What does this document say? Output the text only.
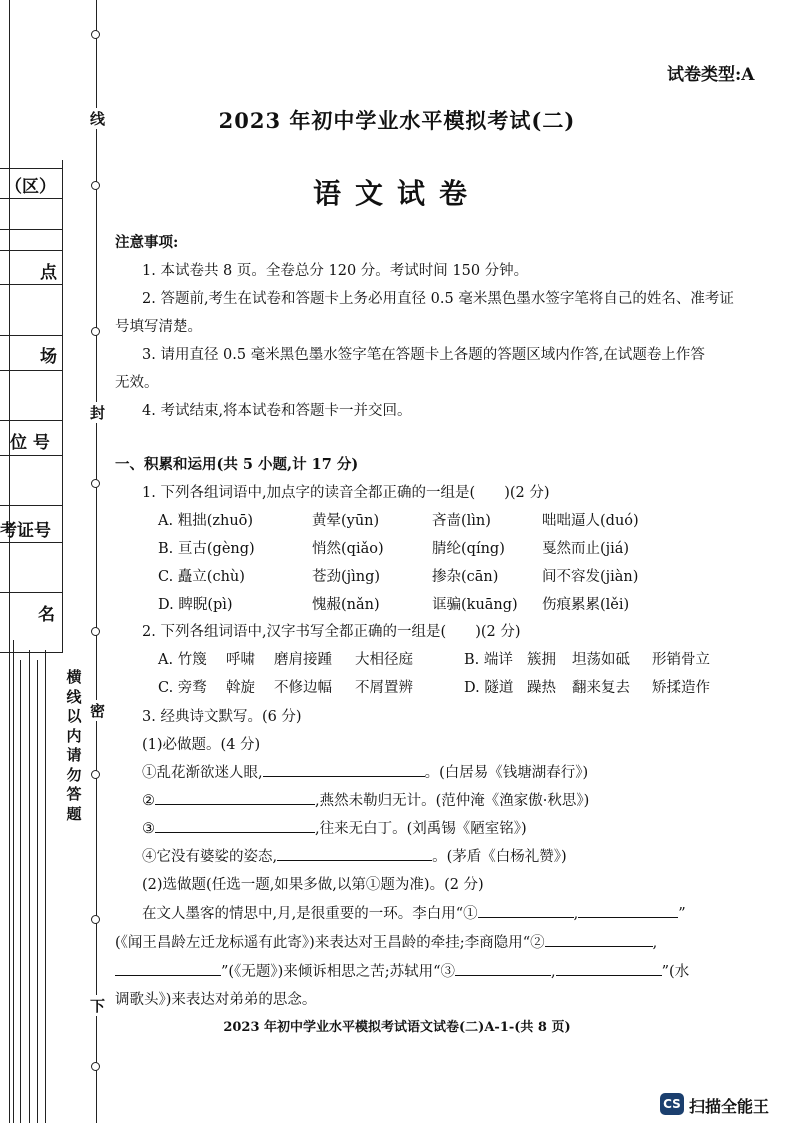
（区）
点
场
位 号
考证号
名
线
封
密
横线以内请勿答题
下
试卷类型:A
2023 年初中学业水平模拟考试(二)
语文试卷
注意事项:
1. 本试卷共 8 页。全卷总分 120 分。考试时间 150 分钟。
2. 答题前,考生在试卷和答题卡上务必用直径 0.5 毫米黑色墨水签字笔将自己的姓名、准考证
号填写清楚。
3. 请用直径 0.5 毫米黑色墨水签字笔在答题卡上各题的答题区域内作答,在试题卷上作答
无效。
4. 考试结束,将本试卷和答题卡一并交回。
一、积累和运用(共 5 小题,计 17 分)
1. 下列各组词语中,加点字的读音全都正确的一组是(　　)(2 分)
A. 粗拙(zhuō)	黄晕(yūn)	吝啬(lìn)	咄咄逼人(duó)
B. 亘古(gèng)	悄然(qiǎo)	腈纶(qíng)	戛然而止(jiá)
C. 矗立(chù)	苍劲(jìng)	掺杂(cān)	间不容发(jiàn)
D. 睥睨(pì)	愧赧(nǎn)	诓骗(kuāng) 伤痕累累(lěi)
2. 下列各组词语中,汉字书写全都正确的一组是(　　)(2 分)
A. 竹篾 呼啸 磨肩接踵 大相径庭	B. 端详 簇拥 坦荡如砥 形销骨立
C. 旁骛 斡旋 不修边幅 不屑置辨	D. 隧道 躁热 翻来复去 矫揉造作
3. 经典诗文默写。(6 分)
(1)必做题。(4 分)
①乱花渐欲迷人眼,	。(白居易《钱塘湖春行》)
②	,燕然未勒归无计。(范仲淹《渔家傲·秋思》)
③	,往来无白丁。(刘禹锡《陋室铭》)
④它没有婆娑的姿态,	。(茅盾《白杨礼赞》)
(2)选做题(任选一题,如果多做,以第①题为准)。(2 分)
在文人墨客的情思中,月,是很重要的一环。李白用“①	,	”
(《闻王昌龄左迁龙标遥有此寄》)来表达对王昌龄的牵挂;李商隐用“②	,
”(《无题》)来倾诉相思之苦;苏轼用“③	,	”(水
调歌头》)来表达对弟弟的思念。
2023 年初中学业水平模拟考试语文试卷(二)A-1-(共 8 页)
CS 扫描全能王
